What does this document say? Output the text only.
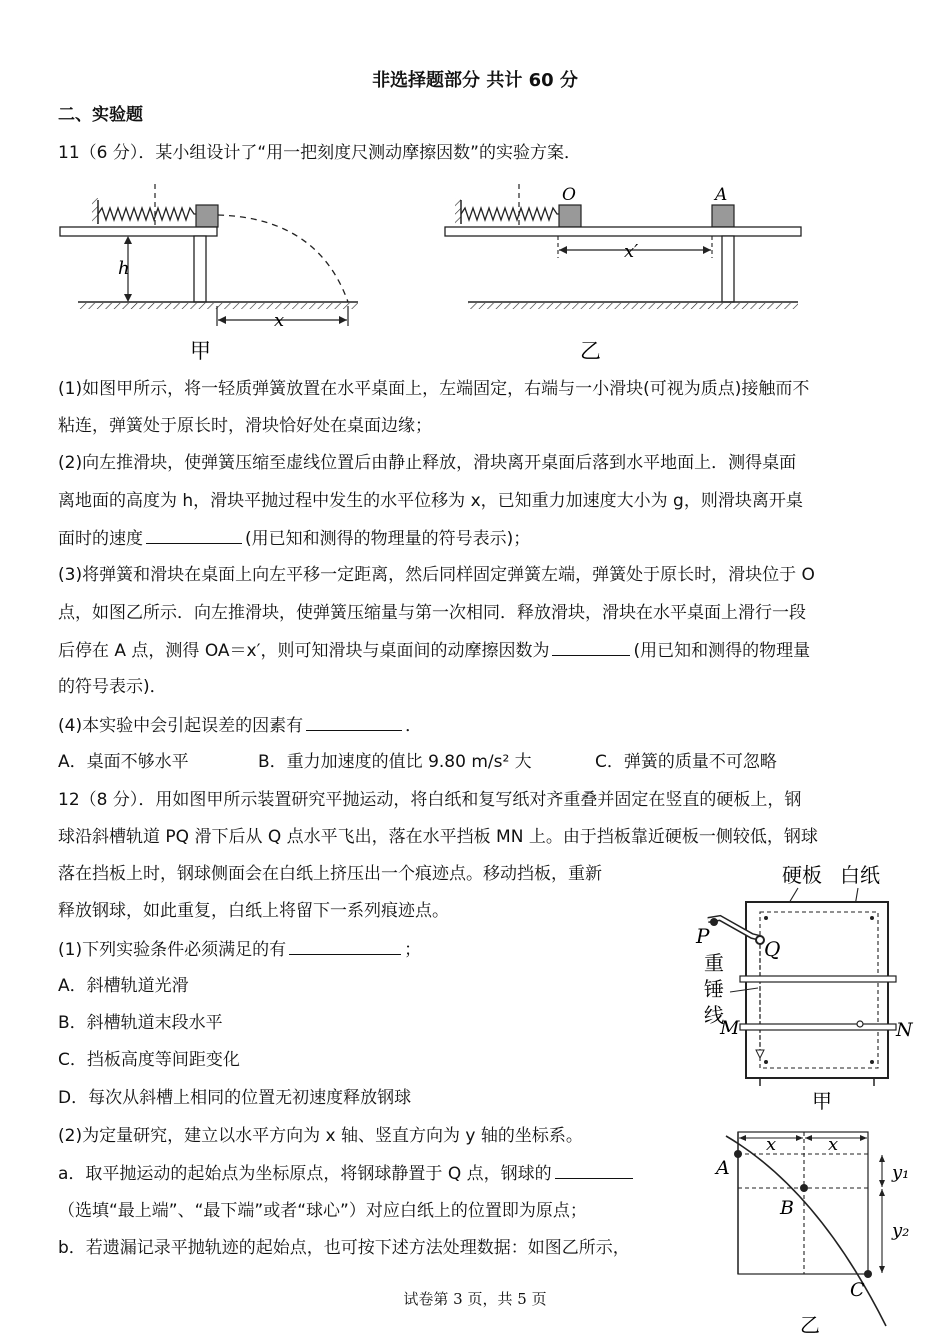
非选择题部分 共计 60 分
二、实验题
11（6 分）．某小组设计了“用一把刻度尺测动摩擦因数”的实验方案．
h
x
甲
O	A
x′
乙
(1)如图甲所示，将一轻质弹簧放置在水平桌面上，左端固定，右端与一小滑块(可视为质点)接触而不
粘连，弹簧处于原长时，滑块恰好处在桌面边缘；
(2)向左推滑块，使弹簧压缩至虚线位置后由静止释放，滑块离开桌面后落到水平地面上．测得桌面
离地面的高度为 h，滑块平抛过程中发生的水平位移为 x，已知重力加速度大小为 g，则滑块离开桌
面时的速度	(用已知和测得的物理量的符号表示)；
(3)将弹簧和滑块在桌面上向左平移一定距离，然后同样固定弹簧左端，弹簧处于原长时，滑块位于 O
点，如图乙所示．向左推滑块，使弹簧压缩量与第一次相同．释放滑块，滑块在水平桌面上滑行一段
后停在 A 点，测得 OA＝x′，则可知滑块与桌面间的动摩擦因数为	(用已知和测得的物理量
的符号表示)．
(4)本实验中会引起误差的因素有	．
A．桌面不够水平	B．重力加速度的值比 9.80 m/s² 大	C．弹簧的质量不可忽略
12（8 分）．用如图甲所示装置研究平抛运动，将白纸和复写纸对齐重叠并固定在竖直的硬板上，钢
球沿斜槽轨道 PQ 滑下后从 Q 点水平飞出，落在水平挡板 MN 上。由于挡板靠近硬板一侧较低，钢球
落在挡板上时，钢球侧面会在白纸上挤压出一个痕迹点。移动挡板，重新
释放钢球，如此重复，白纸上将留下一系列痕迹点。
(1)下列实验条件必须满足的有	；
A．斜槽轨道光滑
B．斜槽轨道末段水平
C．挡板高度等间距变化
D．每次从斜槽上相同的位置无初速度释放钢球
(2)为定量研究，建立以水平方向为 x 轴、竖直方向为 y 轴的坐标系。
a．取平抛运动的起始点为坐标原点，将钢球静置于 Q 点，钢球的
（选填“最上端”、“最下端”或者“球心”）对应白纸上的位置即为原点；
b．若遗漏记录平抛轨迹的起始点，也可按下述方法处理数据：如图乙所示，
硬板 白纸
P
Q
重
锤
线
M	N
甲
x	x
A
B
C
y₁
y₂
乙
试卷第 3 页，共 5 页
